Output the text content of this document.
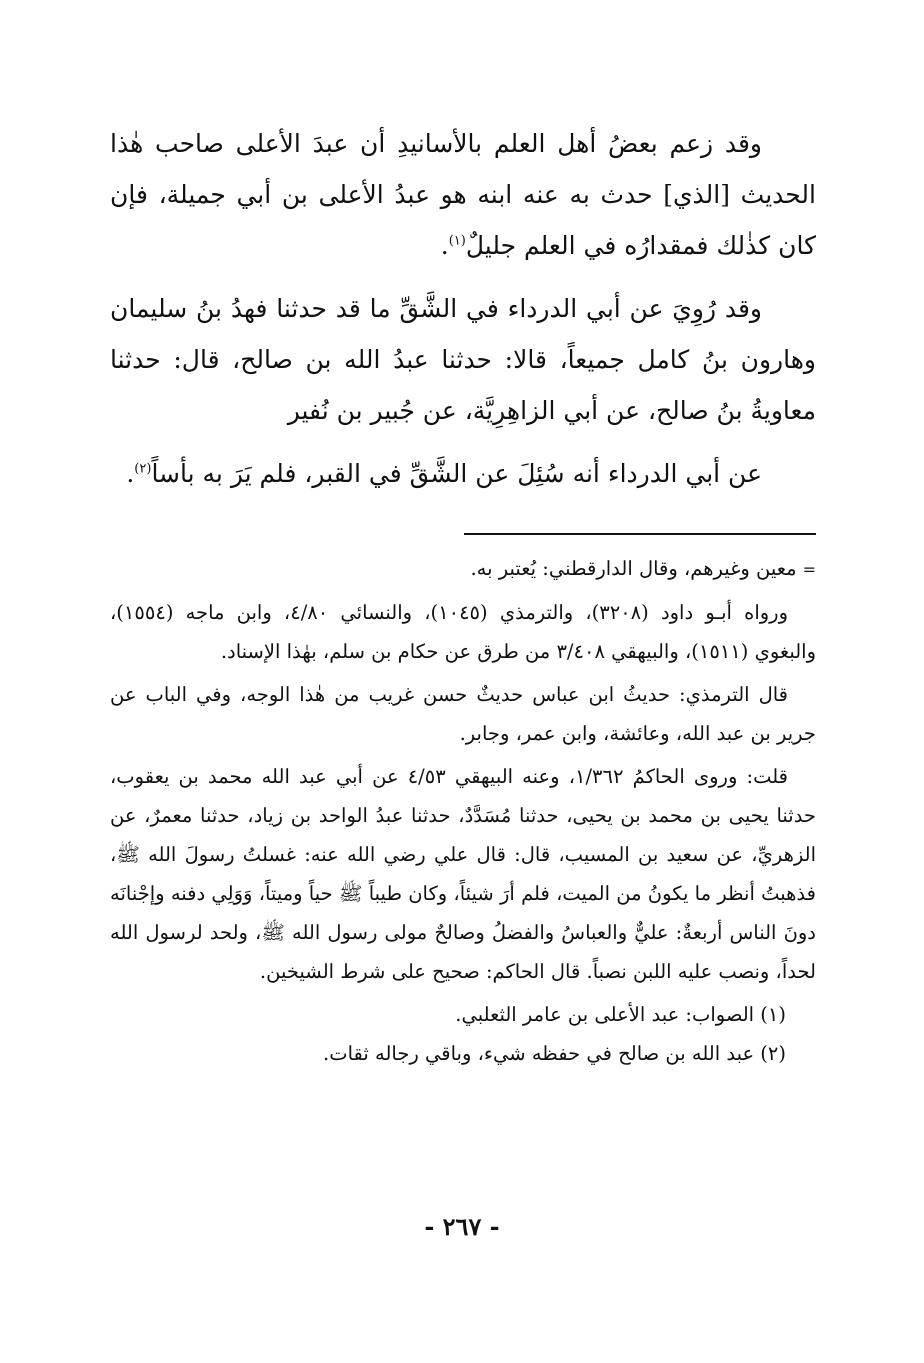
وقد زعم بعضُ أهل العلم بالأسانيدِ أن عبدَ الأعلى صاحب هٰذا الحديث [الذي] حدث به عنه ابنه هو عبدُ الأعلى بن أبي جميلة، فإن كان كذٰلك فمقدارُه في العلم جليلٌ$^{(١)}$.

وقد رُوِيَ عن أبي الدرداء في الشَّقِّ ما قد حدثنا فهدُ بنُ سليمان وهارون بنُ كامل جميعاً، قالا: حدثنا عبدُ الله بن صالح، قال: حدثنا معاويةُ بنُ صالح، عن أبي الزاهِرِيَّة، عن جُبير بن نُفير

عن أبي الدرداء أنه سُئِلَ عن الشَّقِّ في القبر، فلم يَرَ به بأساً$^{(٢)}$.

=معين وغيرهم، وقال الدارقطني: يُعتبر به.

ورواه أبـو داود (٣٢٠٨)، والترمذي (١٠٤٥)، والنسائي ٤/٨٠، وابن ماجه (١٥٥٤)، والبغوي (١٥١١)، والبيهقي ٣/٤٠٨ من طرق عن حكام بن سلم، بهٰذا الإسناد.

قال الترمذي: حديثُ ابن عباس حديثٌ حسن غريب من هٰذا الوجه، وفي الباب عن جرير بن عبد الله، وعائشة، وابن عمر، وجابر.

قلت: وروى الحاكمُ ١/٣٦٢، وعنه البيهقي ٤/٥٣ عن أبي عبد الله محمد بن يعقوب، حدثنا يحيى بن محمد بن يحيى، حدثنا مُسَدَّدٌ، حدثنا عبدُ الواحد بن زياد، حدثنا معمرٌ، عن الزهريِّ، عن سعيد بن المسيب، قال: قال علي رضي الله عنه: غسلتُ رسولَ الله ﷺ، فذهبتُ أنظر ما يكونُ من الميت، فلم أرَ شيئاً، وكان طيباً ﷺ حياً وميتاً، وَوَلِي دفنه وإجْنانَه دونَ الناس أربعةٌ: عليٌّ والعباسُ والفضلُ وصالحٌ مولى رسول الله ﷺ، ولحد لرسول الله لحداً، ونصب عليه اللبن نصباً. قال الحاكم: صحيح على شرط الشيخين.

(١) الصواب: عبد الأعلى بن عامر الثعلبي.

(٢) عبد الله بن صالح في حفظه شيء، وباقي رجاله ثقات.

- ٢٦٧ -
